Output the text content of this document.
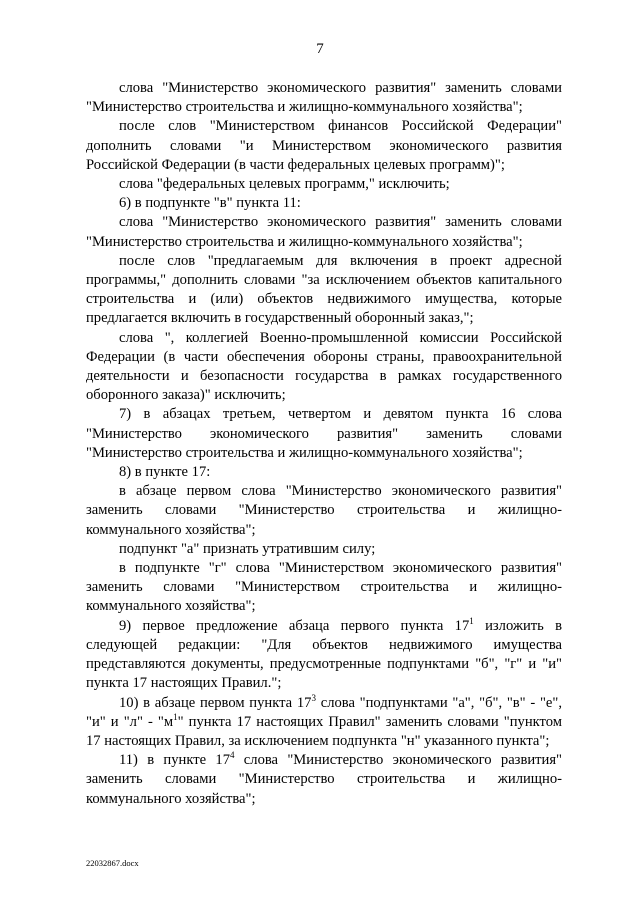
7

слова "Министерство экономического развития" заменить словами "Министерство строительства и жилищно-коммунального хозяйства";

после слов "Министерством финансов Российской Федерации" дополнить словами "и Министерством экономического развития Российской Федерации (в части федеральных целевых программ)";

слова "федеральных целевых программ," исключить;

6) в подпункте "в" пункта 11:

слова "Министерство экономического развития" заменить словами "Министерство строительства и жилищно-коммунального хозяйства";

после слов "предлагаемым для включения в проект адресной программы," дополнить словами "за исключением объектов капитального строительства и (или) объектов недвижимого имущества, которые предлагается включить в государственный оборонный заказ,";

слова ", коллегией Военно-промышленной комиссии Российской Федерации (в части обеспечения обороны страны, правоохранительной деятельности и безопасности государства в рамках государственного оборонного заказа)" исключить;

7) в абзацах третьем, четвертом и девятом пункта 16 слова "Министерство экономического развития" заменить словами "Министерство строительства и жилищно-коммунального хозяйства";

8) в пункте 17:

в абзаце первом слова "Министерство экономического развития" заменить словами "Министерство строительства и жилищно-коммунального хозяйства";

подпункт "а" признать утратившим силу;

в подпункте "г" слова "Министерством экономического развития" заменить словами "Министерством строительства и жилищно-коммунального хозяйства";

9) первое предложение абзаца первого пункта $17^1$ изложить в следующей редакции: "Для объектов недвижимого имущества представляются документы, предусмотренные подпунктами "б", "г" и "и" пункта 17 настоящих Правил.";

10) в абзаце первом пункта $17^3$ слова "подпунктами "а", "б", "в" - "е", "и" и "л" - "$м^1$" пункта 17 настоящих Правил" заменить словами "пунктом 17 настоящих Правил, за исключением подпункта "н" указанного пункта";

11) в пункте $17^4$ слова "Министерство экономического развития" заменить словами "Министерство строительства и жилищно-коммунального хозяйства";

22032867.docx
